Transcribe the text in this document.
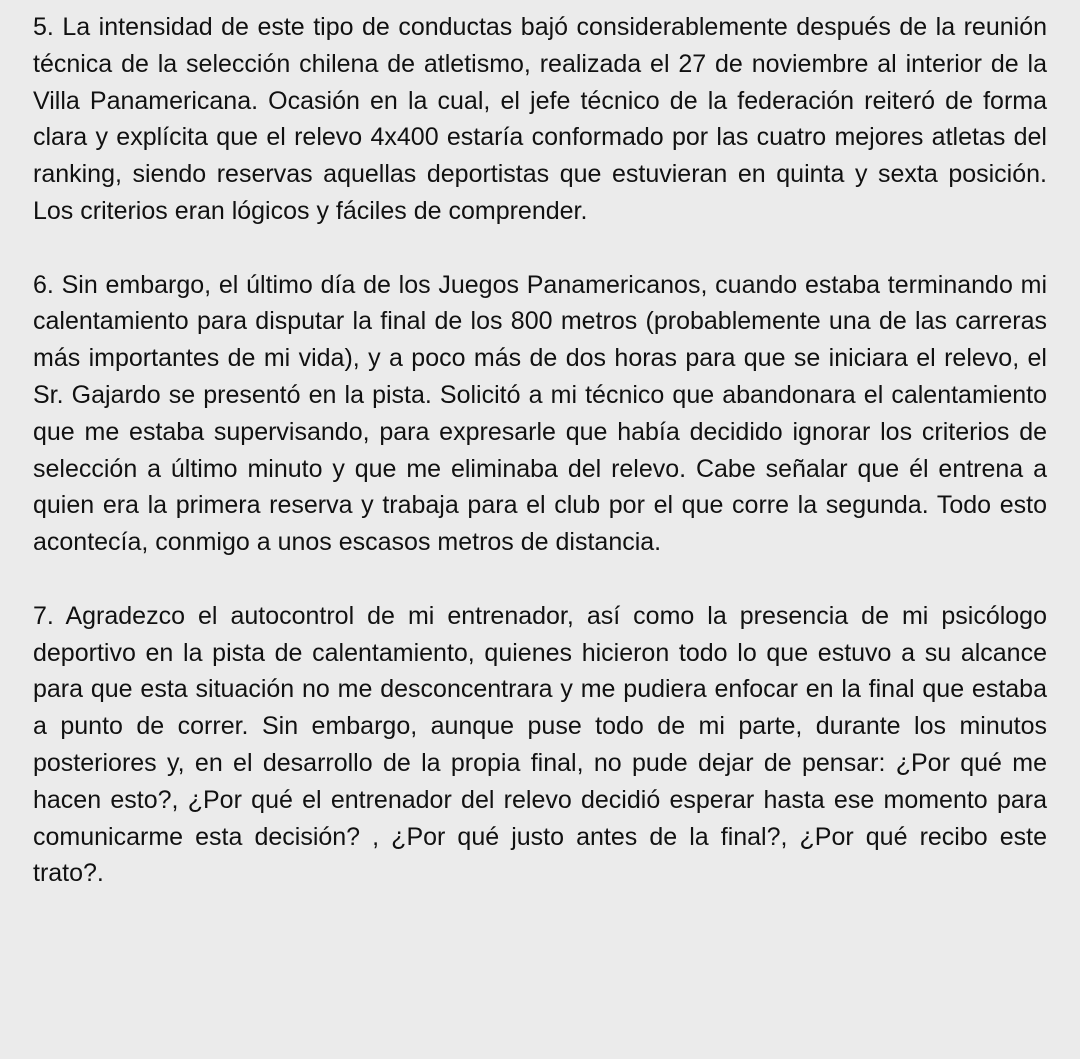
5. La intensidad de este tipo de conductas bajó considerablemente después de la reunión técnica de la selección chilena de atletismo, realizada el 27 de noviembre al interior de la Villa Panamericana. Ocasión en la cual, el jefe técnico de la federación reiteró de forma clara y explícita que el relevo 4x400 estaría conformado por las cuatro mejores atletas del ranking, siendo reservas aquellas deportistas que estuvieran en quinta y sexta posición. Los criterios eran lógicos y fáciles de comprender.

6. Sin embargo, el último día de los Juegos Panamericanos, cuando estaba terminando mi calentamiento para disputar la final de los 800 metros (probablemente una de las carreras más importantes de mi vida), y a poco más de dos horas para que se iniciara el relevo, el Sr. Gajardo se presentó en la pista. Solicitó a mi técnico que abandonara el calentamiento que me estaba supervisando, para expresarle que había decidido ignorar los criterios de selección a último minuto y que me eliminaba del relevo. Cabe señalar que él entrena a quien era la primera reserva y trabaja para el club por el que corre la segunda. Todo esto acontecía, conmigo a unos escasos metros de distancia.

7. Agradezco el autocontrol de mi entrenador, así como la presencia de mi psicólogo deportivo en la pista de calentamiento, quienes hicieron todo lo que estuvo a su alcance para que esta situación no me desconcentrara y me pudiera enfocar en la final que estaba a punto de correr. Sin embargo, aunque puse todo de mi parte, durante los minutos posteriores y, en el desarrollo de la propia final, no pude dejar de pensar: ¿Por qué me hacen esto?, ¿Por qué el entrenador del relevo decidió esperar hasta ese momento para comunicarme esta decisión? , ¿Por qué justo antes de la final?, ¿Por qué recibo este trato?.
